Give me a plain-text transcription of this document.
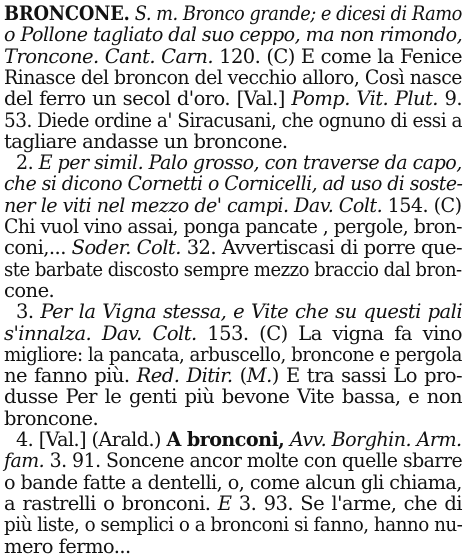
BRONCONE. S. m. Bronco grande; e dicesi di Ramo
o Pollone tagliato dal suo ceppo, ma non rimondo,
Troncone. Cant. Carn. 120. (C) E come la Fenice
Rinasce del broncon del vecchio alloro, Così nasce
del ferro un secol d'oro. [Val.] Pomp. Vit. Plut. 9.
53. Diede ordine a' Siracusani, che ognuno di essi a
tagliare andasse un broncone.
2. E per simil. Palo grosso, con traverse da capo,
che si dicono Cornetti o Cornicelli, ad uso di soste-
ner le viti nel mezzo de' campi. Dav. Colt. 154. (C)
Chi vuol vino assai, ponga pancate , pergole, bron-
coni,... Soder. Colt. 32. Avvertiscasi di porre que-
ste barbate discosto sempre mezzo braccio dal bron-
cone.
3. Per la Vigna stessa, e Vite che su questi pali
s'innalza. Dav. Colt. 153. (C) La vigna fa vino
migliore: la pancata, arbuscello, broncone e pergola
ne fanno più. Red. Ditir. (M.) E tra sassi Lo pro-
dusse Per le genti più bevone Vite bassa, e non
broncone.
4. [Val.] (Arald.) A bronconi, Avv. Borghin. Arm.
fam. 3. 91. Soncene ancor molte con quelle sbarre
o bande fatte a dentelli, o, come alcun gli chiama,
a rastrelli o bronconi. E 3. 93. Se l'arme, che di
più liste, o semplici o a bronconi si fanno, hanno nu-
mero fermo...
